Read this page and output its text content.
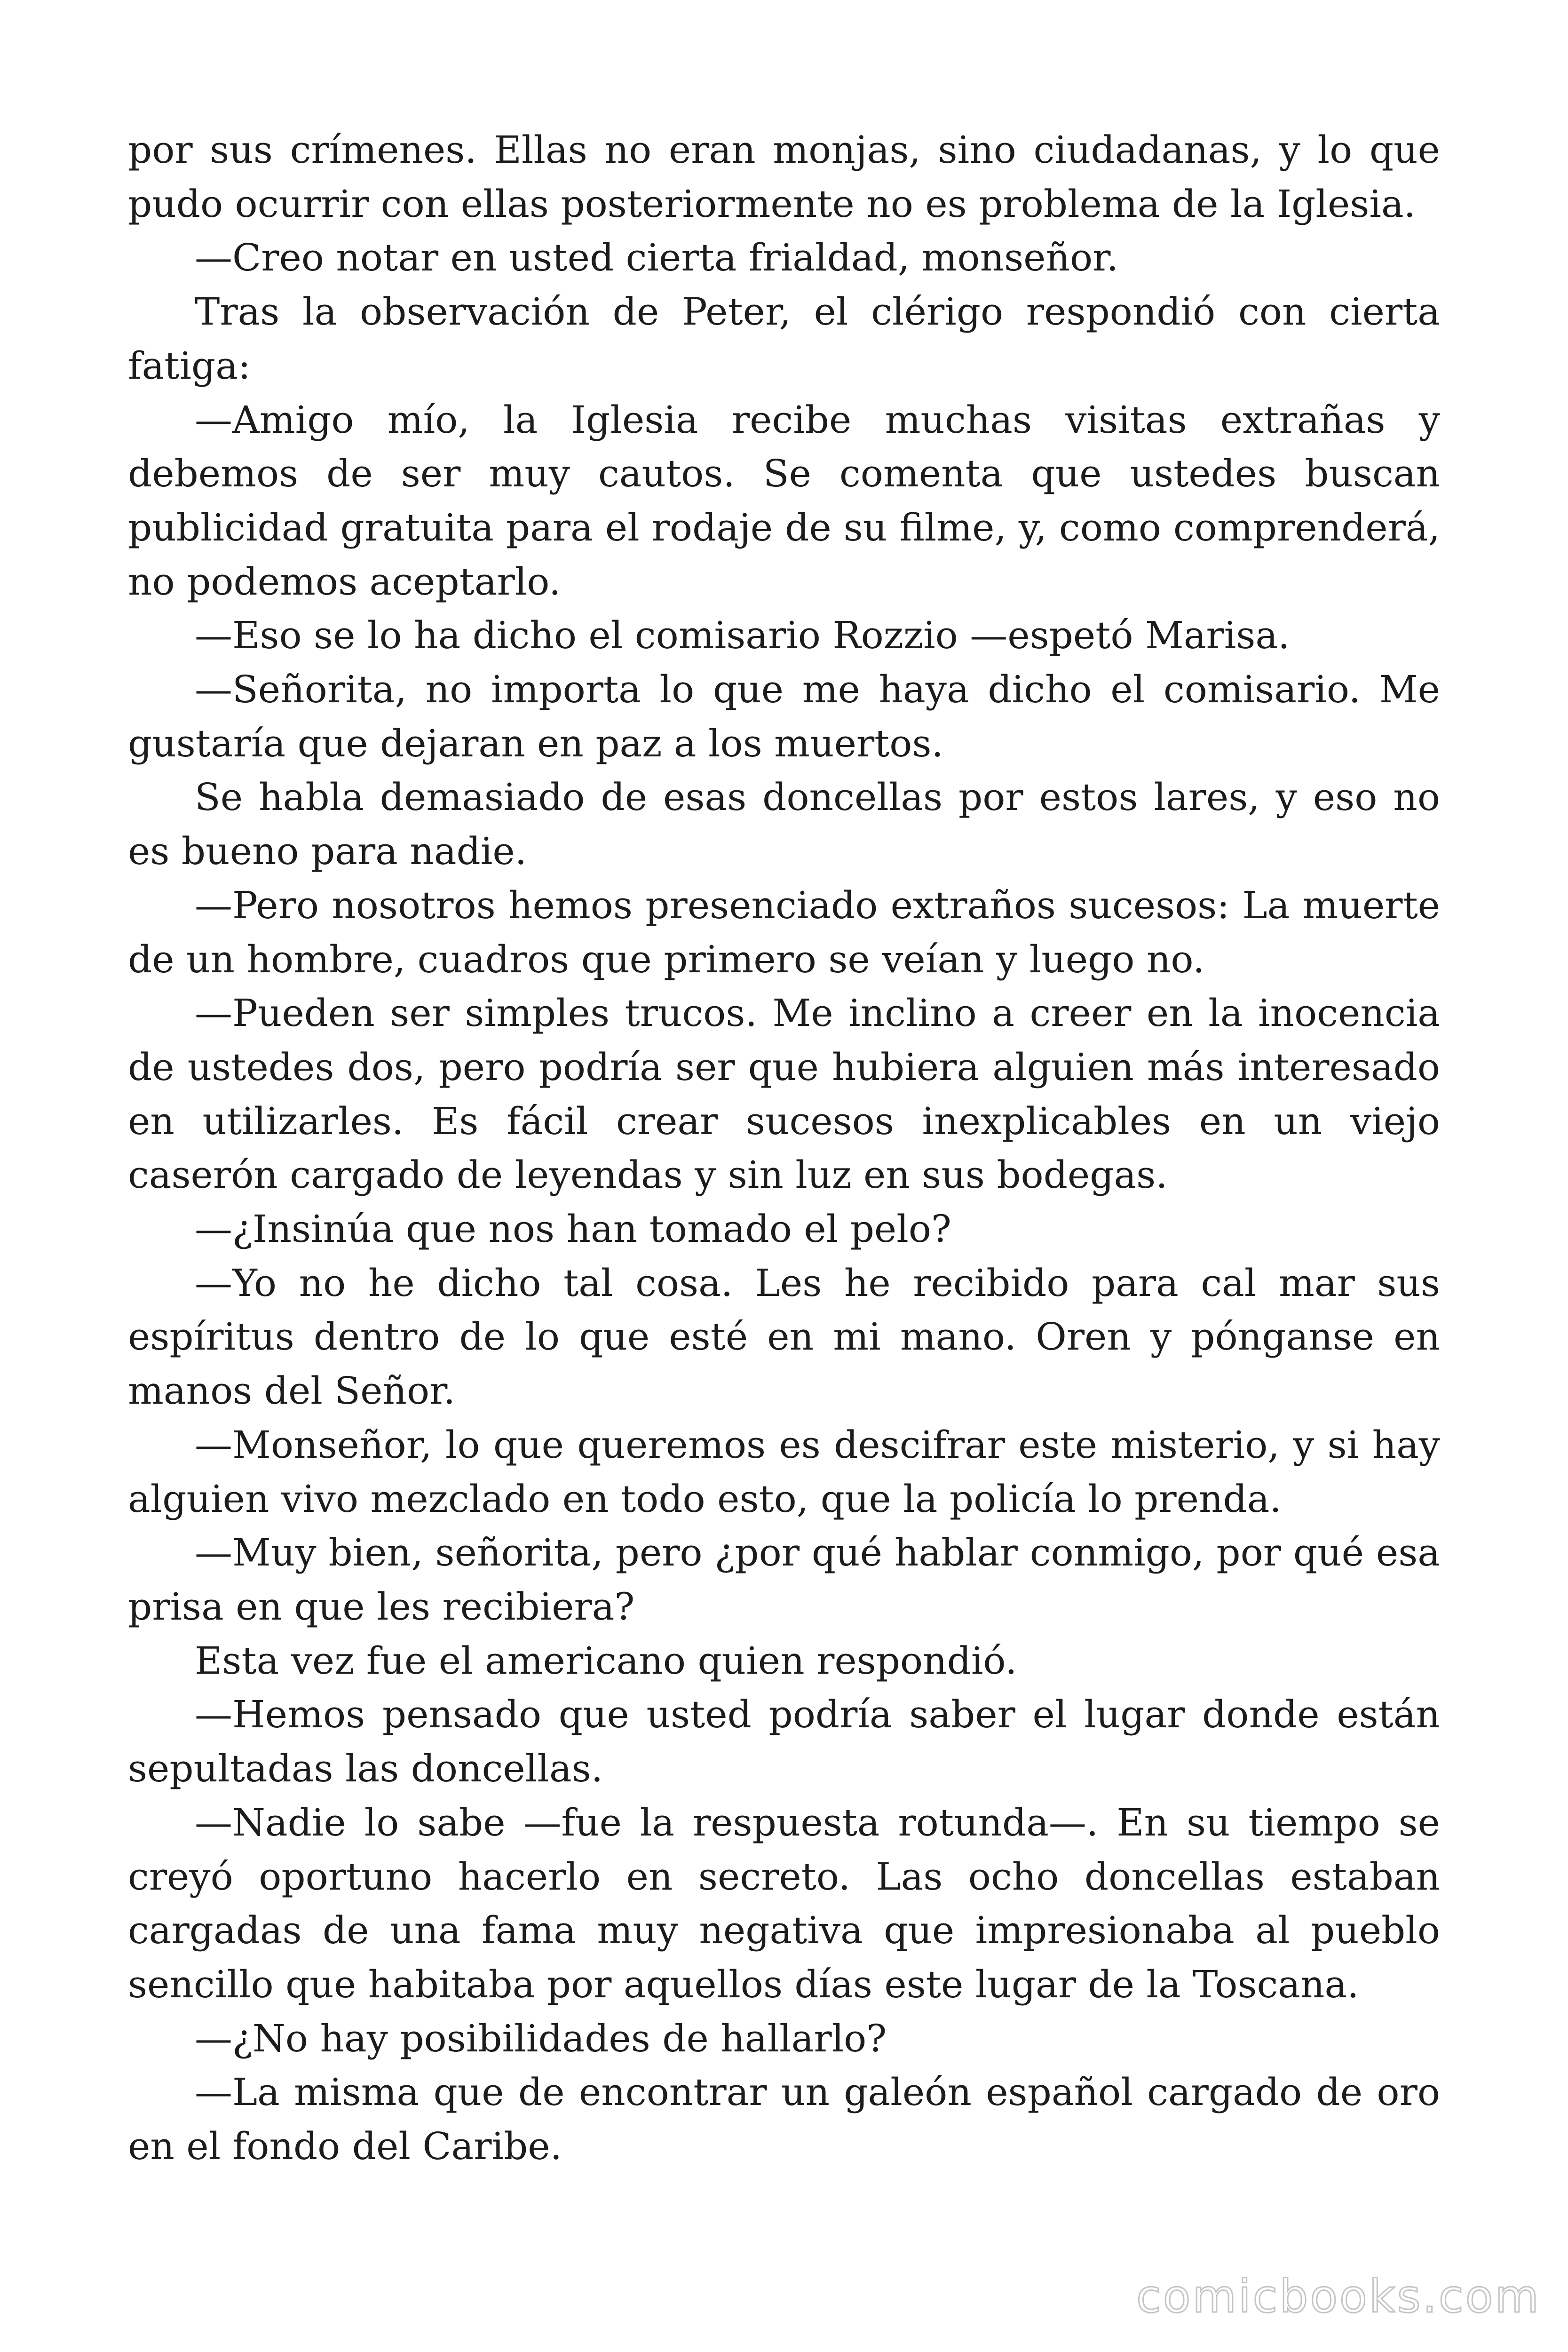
por sus crímenes. Ellas no eran monjas, sino ciudadanas, y lo que pudo ocurrir con ellas posteriormente no es problema de la Iglesia.

—Creo notar en usted cierta frialdad, monseñor.

Tras la observación de Peter, el clérigo respondió con cierta fatiga:

—Amigo mío, la Iglesia recibe muchas visitas extrañas y debemos de ser muy cautos. Se comenta que ustedes buscan publicidad gratuita para el rodaje de su filme, y, como comprenderá, no podemos aceptarlo.

—Eso se lo ha dicho el comisario Rozzio —espetó Marisa.

—Señorita, no importa lo que me haya dicho el comisario. Me gustaría que dejaran en paz a los muertos.

Se habla demasiado de esas doncellas por estos lares, y eso no es bueno para nadie.

—Pero nosotros hemos presenciado extraños sucesos: La muerte de un hombre, cuadros que primero se veían y luego no.

—Pueden ser simples trucos. Me inclino a creer en la inocencia de ustedes dos, pero podría ser que hubiera alguien más interesado en utilizarles. Es fácil crear sucesos inexplicables en un viejo caserón cargado de leyendas y sin luz en sus bodegas.

—¿Insinúa que nos han tomado el pelo?

—Yo no he dicho tal cosa. Les he recibido para cal mar sus espíritus dentro de lo que esté en mi mano. Oren y pónganse en manos del Señor.

—Monseñor, lo que queremos es descifrar este misterio, y si hay alguien vivo mezclado en todo esto, que la policía lo prenda.

—Muy bien, señorita, pero ¿por qué hablar conmigo, por qué esa prisa en que les recibiera?

Esta vez fue el americano quien respondió.

—Hemos pensado que usted podría saber el lugar donde están sepultadas las doncellas.

—Nadie lo sabe —fue la respuesta rotunda—. En su tiempo se creyó oportuno hacerlo en secreto. Las ocho doncellas estaban cargadas de una fama muy negativa que impresionaba al pueblo sencillo que habitaba por aquellos días este lugar de la Toscana.

—¿No hay posibilidades de hallarlo?

—La misma que de encontrar un galeón español cargado de oro en el fondo del Caribe.

comicbooks.com
